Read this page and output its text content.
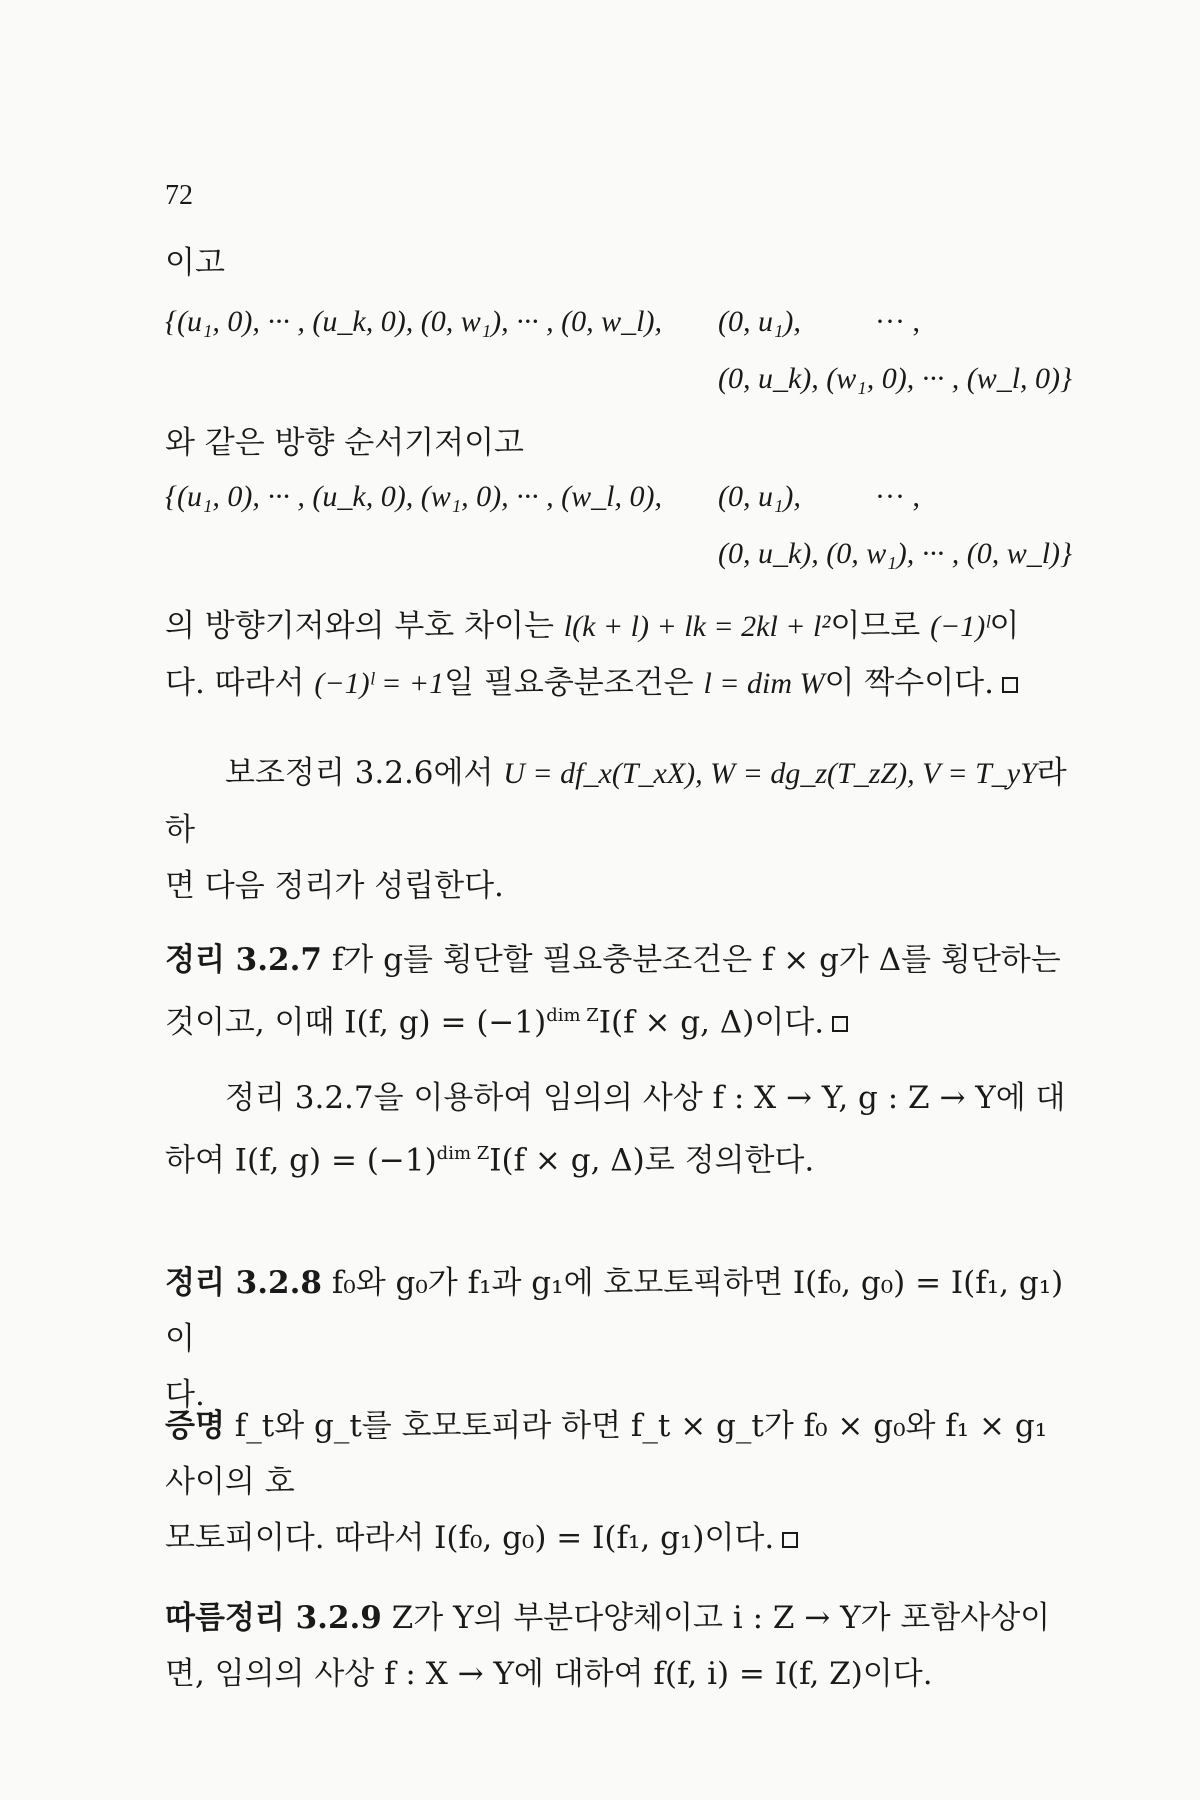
72
이고
{(u₁, 0), ··· , (u_k, 0), (0, w₁), ··· , (0, w_l), (0, u₁), ··· ,
(0, u_k), (w₁, 0), ··· , (w_l, 0)}
와 같은 방향 순서기저이고
{(u₁, 0), ··· , (u_k, 0), (w₁, 0), ··· , (w_l, 0), (0, u₁), ··· ,
(0, u_k), (0, w₁), ··· , (0, w_l)}
의 방향기저와의 부호 차이는 l(k + l) + lk = 2kl + l²이므로 (−1)ˡ이
다. 따라서 (−1)ˡ = +1일 필요충분조건은 l = dim W이 짝수이다.
보조정리 3.2.6에서 U = df_x(T_xX), W = dg_z(T_zZ), V = T_yY라 하
면 다음 정리가 성립한다.
정리 3.2.7 f가 g를 횡단할 필요충분조건은 f × g가 Δ를 횡단하는
것이고, 이때 I(f, $g) = (-1)^{dim Z}I(f \times g$, Δ)이다.
정리 3.2.7을 이용하여 임의의 사상 f : X → Y, g : Z → Y에 대
하여 I(f, $g) = (-1)^{dim Z}I(f \times g$, Δ)로 정의한다.
정리 3.2.8 f₀와 g₀가 f₁과 g₁에 호모토픽하면 I(f₀, g₀) = I(f₁, g₁)이
다.
증명 f_t와 g_t를 호모토피라 하면 f_t × g_t가 f₀ × g₀와 f₁ × g₁ 사이의 호
모토피이다. 따라서 I(f₀, g₀) = I(f₁, g₁)이다.
따름정리 3.2.9 Z가 Y의 부분다양체이고 i : Z → Y가 포함사상이
면, 임의의 사상 f : X → Y에 대하여 f(f, i) = I(f, Z)이다.
